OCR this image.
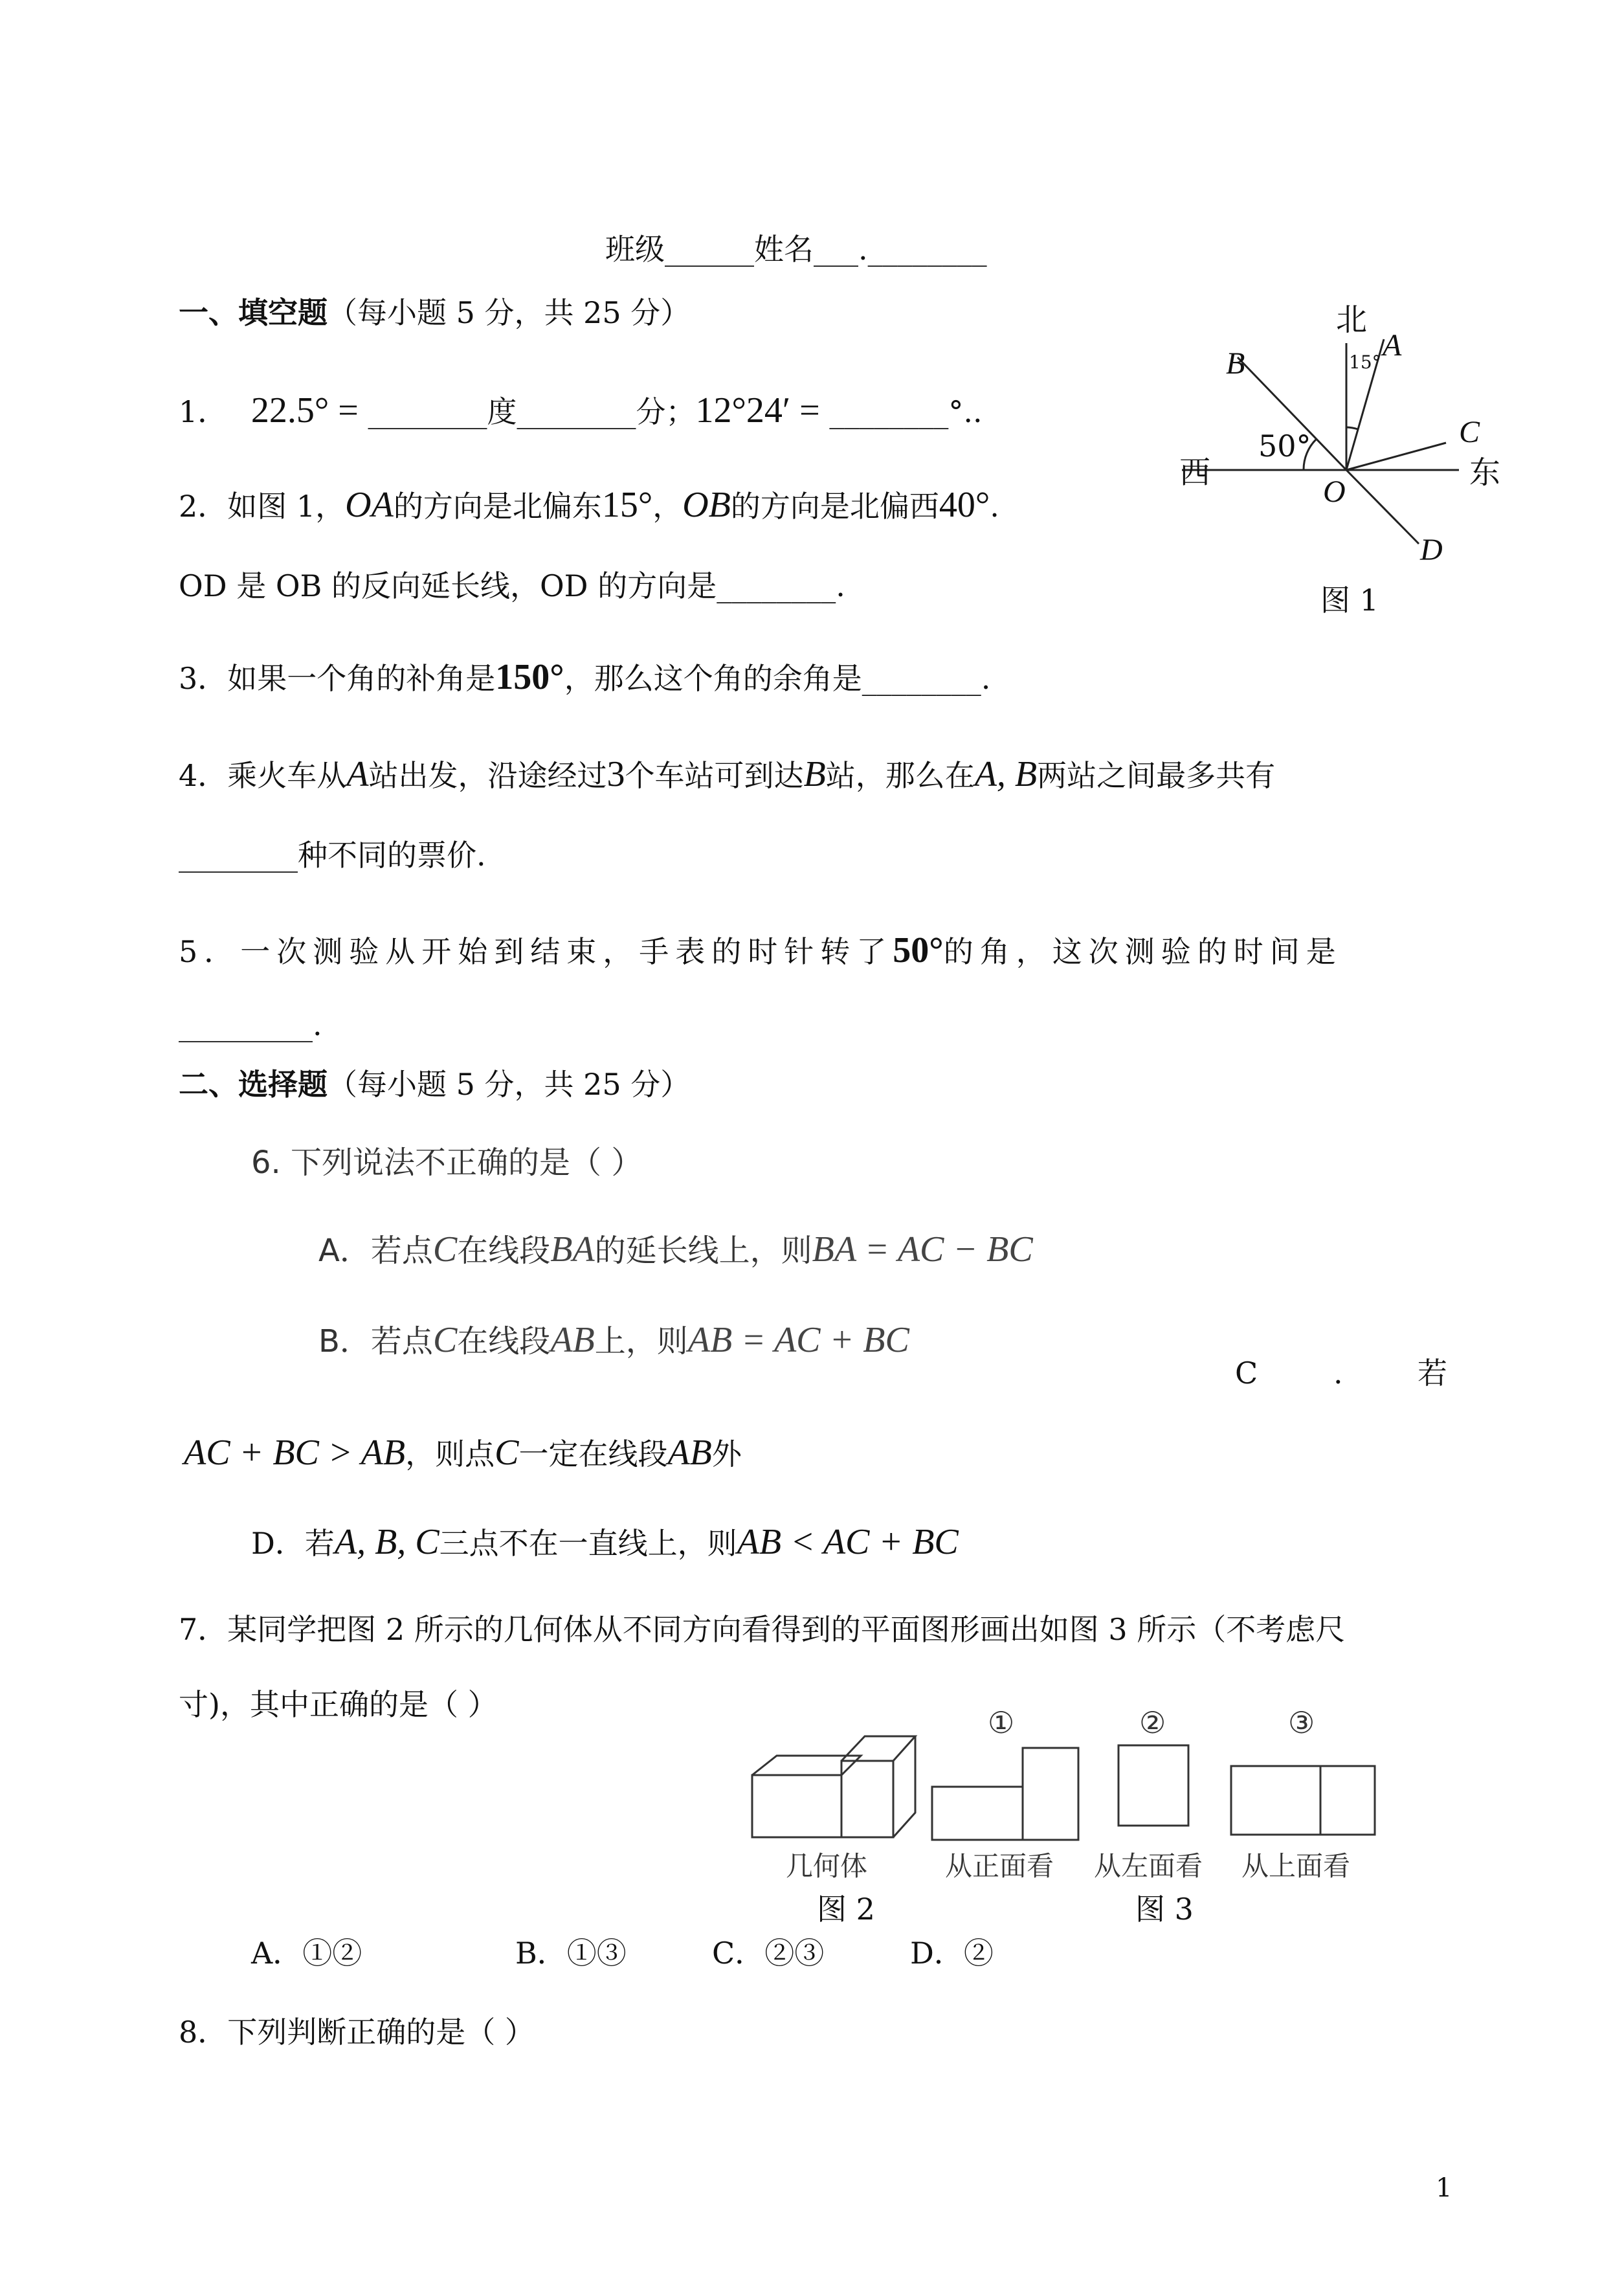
班级______姓名___.________
一、填空题（每小题 5 分，共 25 分）
1． 22.5° = ________度________分；12°24′ = ________°..
2．如图 1，OA的方向是北偏东15°，OB的方向是北偏西40°.
OD 是 OB 的反向延长线，OD 的方向是________.
3．如果一个角的补角是150°，那么这个角的余角是________.
4．乘火车从A站出发，沿途经过3个车站可到达B站，那么在A, B两站之间最多共有
________种不同的票价.
5．一次测验从开始到结束，手表的时针转了50°的角，这次测验的时间是
_________.
二、选择题（每小题 5 分，共 25 分）
6. 下列说法不正确的是（ ）
A．若点C在线段BA的延长线上，则BA = AC − BC
B．若点C在线段AB上，则AB = AC + BC
C	.	若
AC + BC > AB，则点C一定在线段AB外
D．若A, B, C三点不在一直线上，则AB < AC + BC
7．某同学把图 2 所示的几何体从不同方向看得到的平面图形画出如图 3 所示（不考虑尺
寸)，其中正确的是（ ）
①	②	③
几何体	从正面看 从左面看 从上面看
图 2	图 3
A．①②	B．①③	C．②③	D．②
8．下列判断正确的是（ ）
北
西	东
A
B
C
D
O
15°
50°
图 1
1
